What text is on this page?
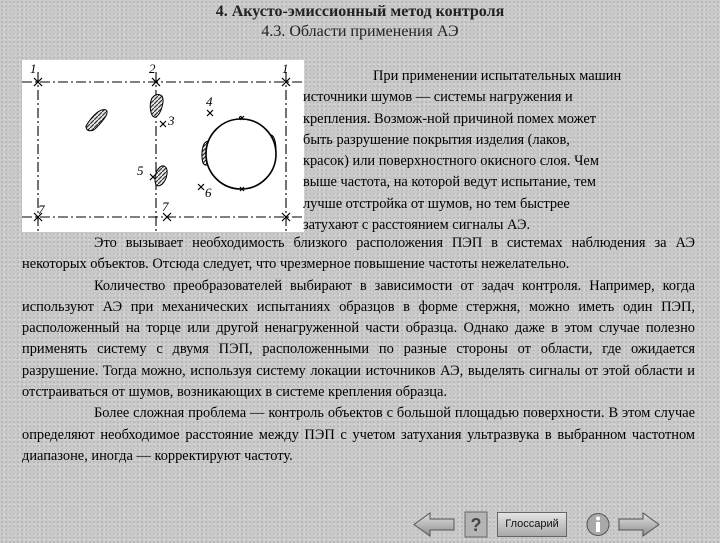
4. Акусто-эмиссионный метод контроля
4.3. Области применения АЭ
1	2	1
3
4
5
6
7	7
При применении испытательных машин
источники шумов — системы нагружения и
крепления. Возмож-ной причиной помех может
быть разрушение покрытия изделия (лаков,
красок) или поверхностного окисного слоя. Чем
выше частота, на которой ведут испытание, тем
лучше отстройка от шумов, но тем быстрее
затухают с расстоянием сигналы АЭ.

Это вызывает необходимость близкого расположения ПЭП в системах наблюдения за АЭ некоторых объектов. Отсюда следует, что чрезмерное повышение частоты нежелательно.

Количество преобразователей выбирают в зависимости от задач контроля. Например, когда используют АЭ при механических испытаниях образцов в форме стержня, можно иметь один ПЭП, расположенный на торце или другой ненагруженной части образца. Однако даже в этом случае полезно применять систему с двумя ПЭП, расположенными по разные стороны от области, где ожидается разрушение. Тогда можно, используя систему локации источников АЭ, выделять сигналы от этой области и отстраиваться от шумов, возникающих в системе крепления образца.

Более сложная проблема — контроль объектов с большой площадью поверхности. В этом случае определяют необходимое расстояние между ПЭП с учетом затухания ультразвука в выбранном частотном диапазоне, иногда — корректируют частоту.

?	Глоссарий
